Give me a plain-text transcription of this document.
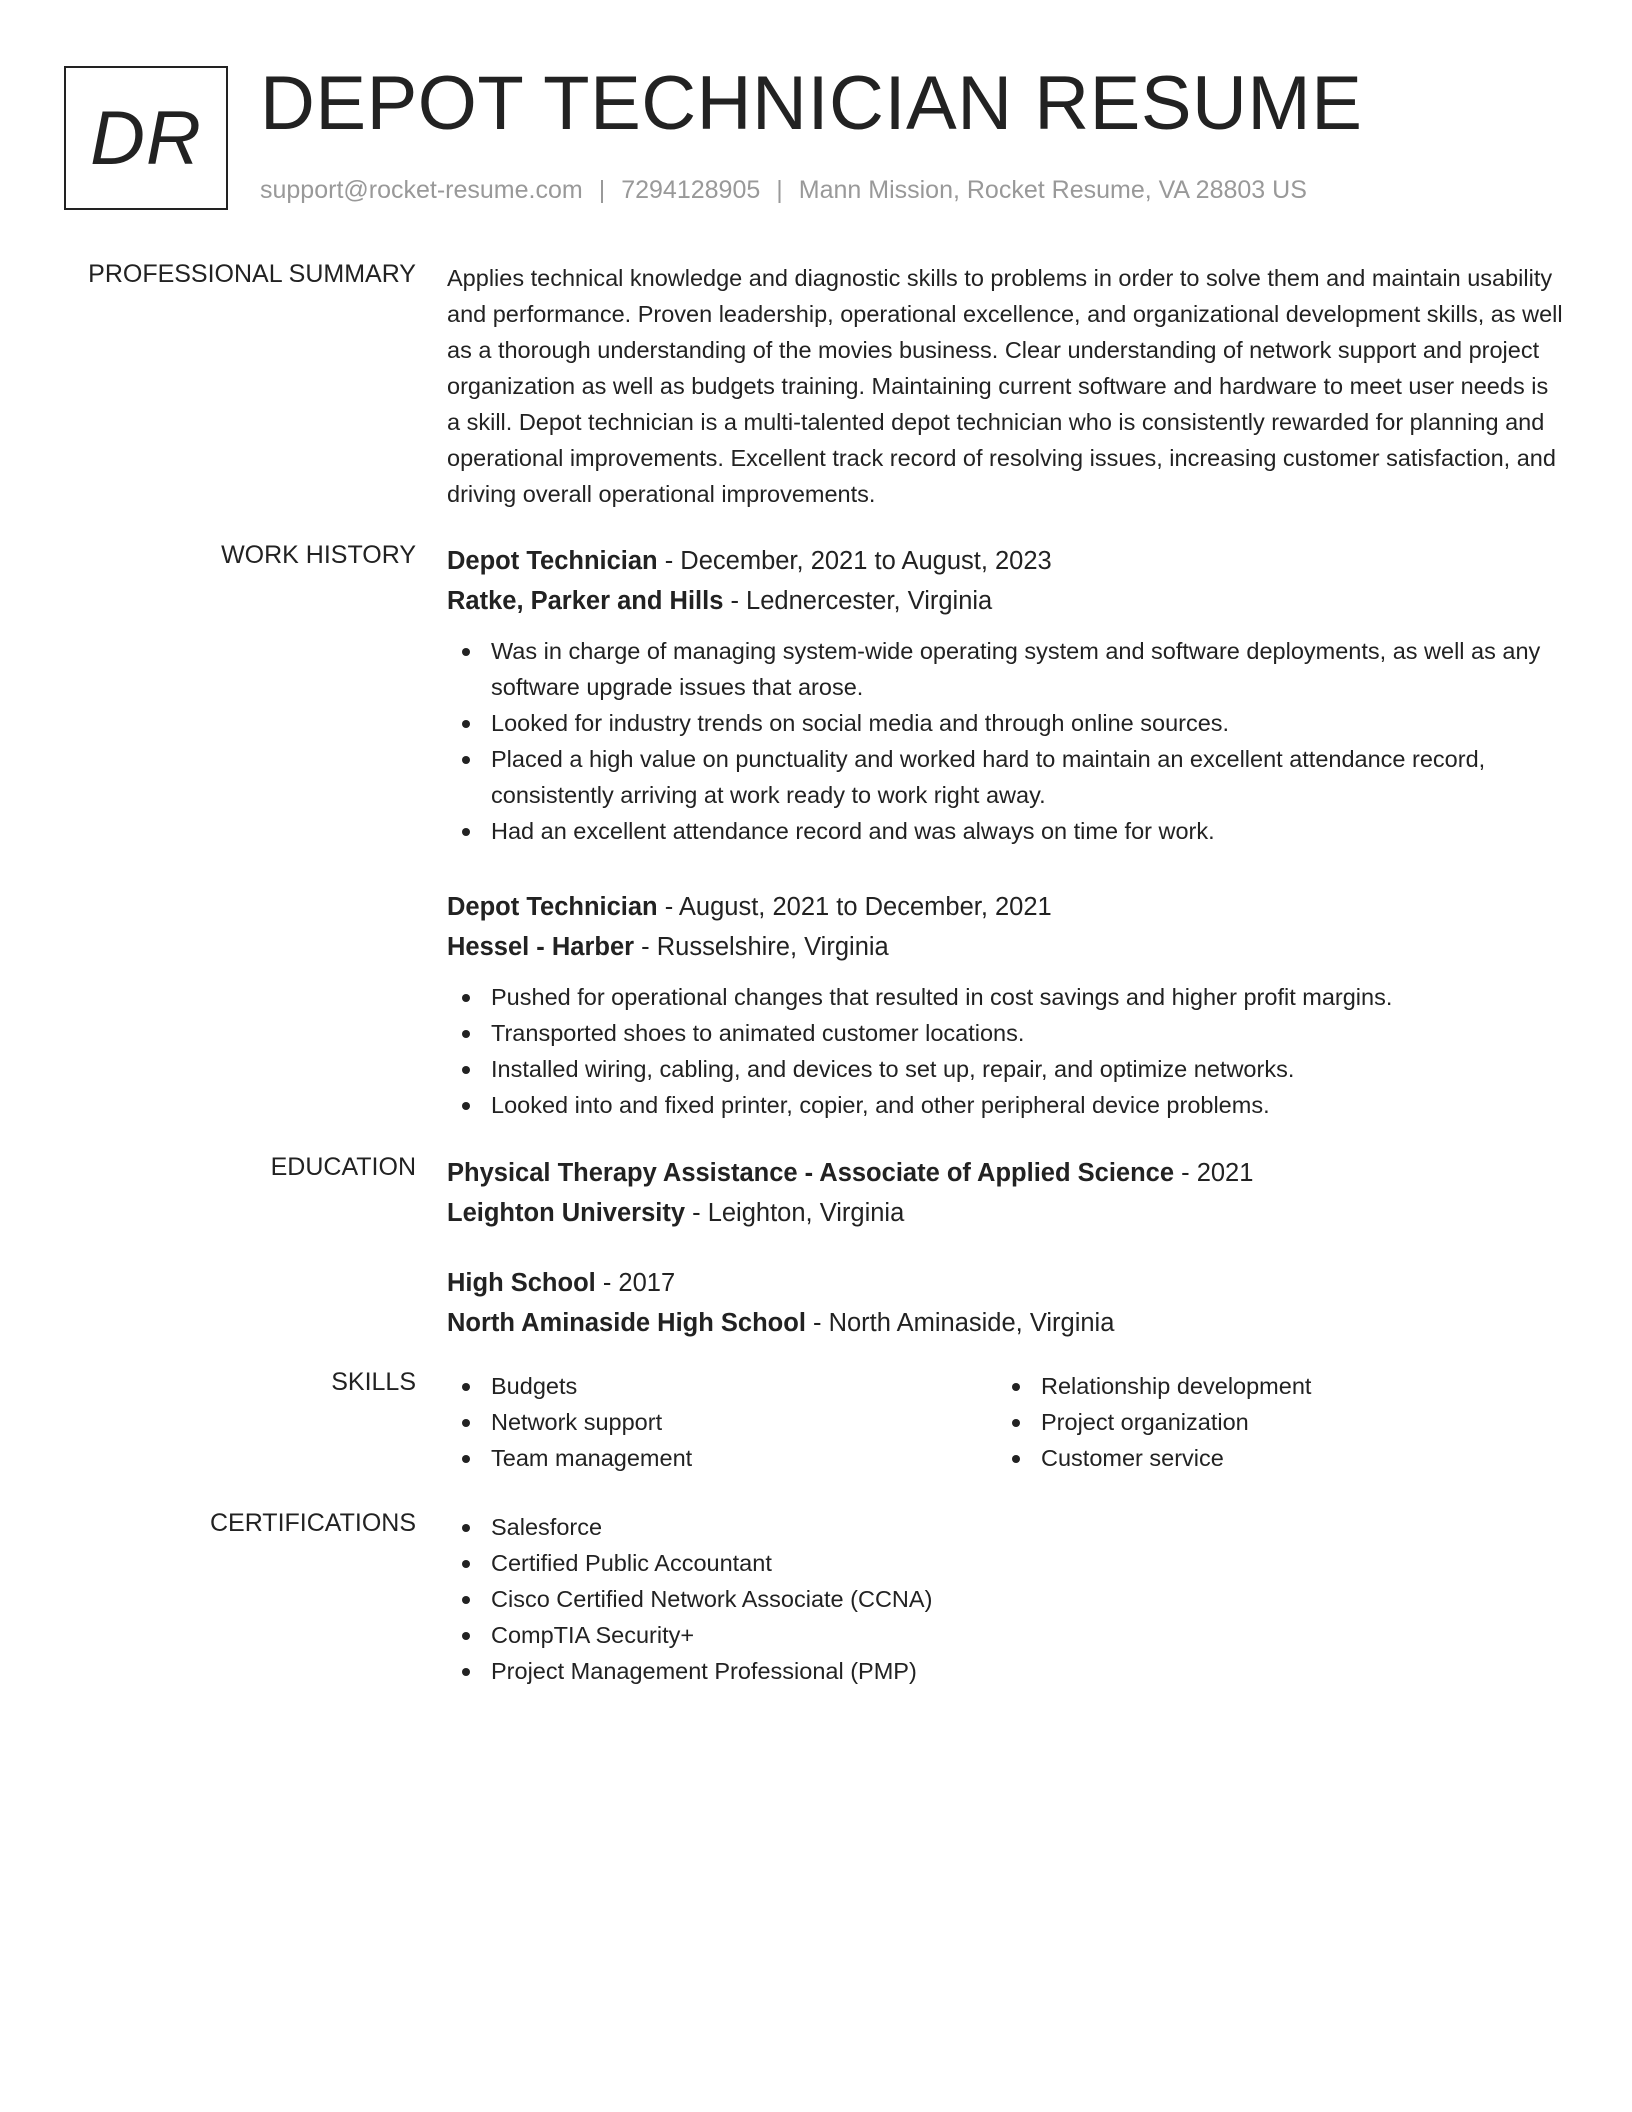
DR DEPOT TECHNICIAN RESUME
support@rocket-resume.com | 7294128905 | Mann Mission, Rocket Resume, VA 28803 US
PROFESSIONAL SUMMARY Applies technical knowledge and diagnostic skills to problems in order to solve them and maintain usability and performance. Proven leadership, operational excellence, and organizational development skills, as well as a thorough understanding of the movies business. Clear understanding of network support and project organization as well as budgets training. Maintaining current software and hardware to meet user needs is a skill. Depot technician is a multi-talented depot technician who is consistently rewarded for planning and operational improvements. Excellent track record of resolving issues, increasing customer satisfaction, and driving overall operational improvements.
WORK HISTORY Depot Technician - December, 2021 to August, 2023
Ratke, Parker and Hills - Lednercester, Virginia
Was in charge of managing system-wide operating system and software deployments, as well as any software upgrade issues that arose.
Looked for industry trends on social media and through online sources.
Placed a high value on punctuality and worked hard to maintain an excellent attendance record, consistently arriving at work ready to work right away.
Had an excellent attendance record and was always on time for work.
Depot Technician - August, 2021 to December, 2021
Hessel - Harber - Russelshire, Virginia
Pushed for operational changes that resulted in cost savings and higher profit margins.
Transported shoes to animated customer locations.
Installed wiring, cabling, and devices to set up, repair, and optimize networks.
Looked into and fixed printer, copier, and other peripheral device problems.
EDUCATION Physical Therapy Assistance - Associate of Applied Science - 2021
Leighton University - Leighton, Virginia
High School - 2017
North Aminaside High School - North Aminaside, Virginia
SKILLS	Budgets
Network support
Team management
Relationship development
Project organization
Customer service
CERTIFICATIONS	Salesforce
Certified Public Accountant
Cisco Certified Network Associate (CCNA)
CompTIA Security+
Project Management Professional (PMP)
